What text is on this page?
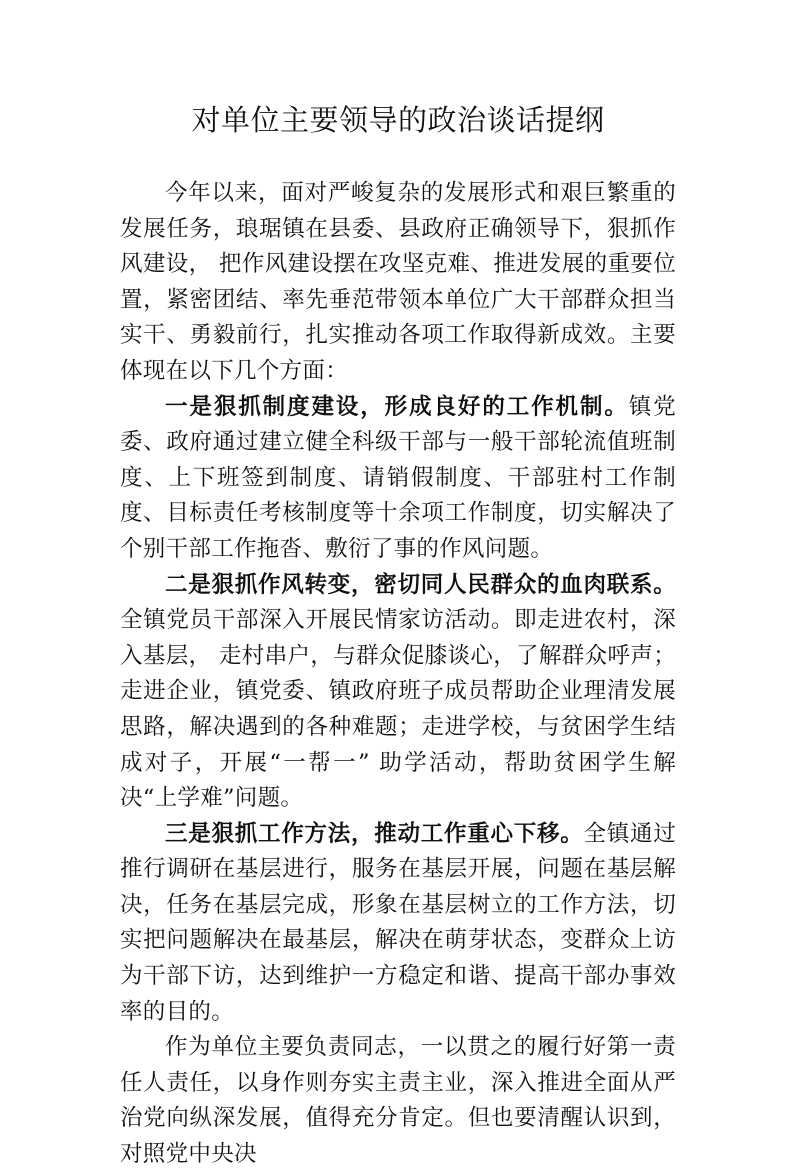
对单位主要领导的政治谈话提纲

今年以来，面对严峻复杂的发展形式和艰巨繁重的发展任务，琅琚镇在县委、县政府正确领导下，狠抓作风建设， 把作风建设摆在攻坚克难、推进发展的重要位置，紧密团结、率先垂范带领本单位广大干部群众担当实干、勇毅前行，扎实推动各项工作取得新成效。主要体现在以下几个方面：

一是狠抓制度建设，形成良好的工作机制。镇党委、政府通过建立健全科级干部与一般干部轮流值班制度、上下班签到制度、请销假制度、干部驻村工作制度、目标责任考核制度等十余项工作制度，切实解决了个别干部工作拖沓、敷衍了事的作风问题。

二是狠抓作风转变，密切同人民群众的血肉联系。全镇党员干部深入开展民情家访活动。即走进农村，深入基层， 走村串户，与群众促膝谈心，了解群众呼声；走进企业，镇党委、镇政府班子成员帮助企业理清发展思路，解决遇到的各种难题；走进学校，与贫困学生结成对子，开展“一帮一” 助学活动，帮助贫困学生解决“上学难”问题。

三是狠抓工作方法，推动工作重心下移。全镇通过推行调研在基层进行，服务在基层开展，问题在基层解决，任务在基层完成，形象在基层树立的工作方法，切实把问题解决在最基层，解决在萌芽状态，变群众上访为干部下访，达到维护一方稳定和谐、提高干部办事效率的目的。

作为单位主要负责同志，一以贯之的履行好第一责任人责任，以身作则夯实主责主业，深入推进全面从严治党向纵深发展，值得充分肯定。但也要清醒认识到，对照党中央决
